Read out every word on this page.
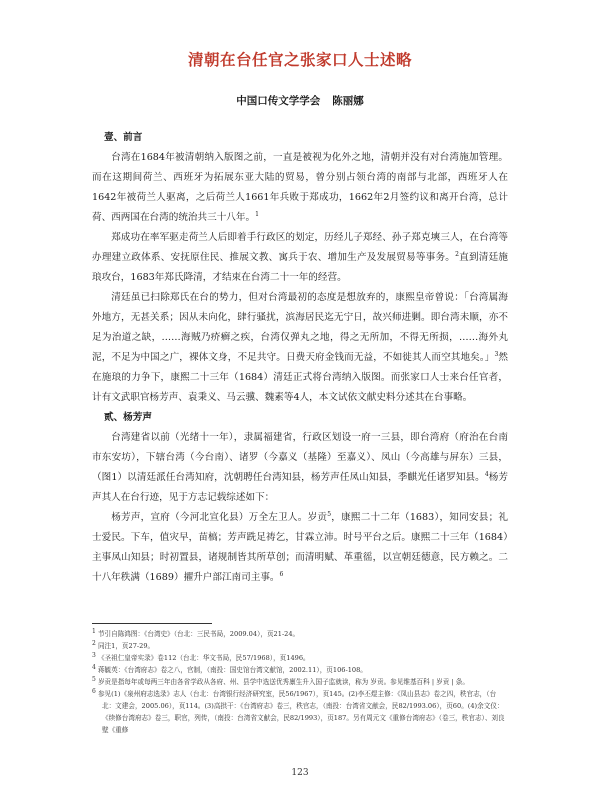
清朝在台任官之张家口人士述略
中国口传文学学会 陈丽娜

壹、前言

台湾在1684年被清朝纳入版图之前，一直是被视为化外之地，清朝并没有对台湾施加管理。而在这期间荷兰、西班牙为拓展东亚大陆的贸易，曾分别占领台湾的南部与北部，西班牙人在1642年被荷兰人驱离，之后荷兰人1661年兵败于郑成功，1662年2月签约议和离开台湾，总计荷、西两国在台湾的统治共三十八年。$^1$

郑成功在率军驱走荷兰人后即着手行政区的划定，历经儿子郑经、孙子郑克塽三人，在台湾等办理建立政体系、安抚原住民、推展文教、寓兵于农、增加生产及发展贸易等事务。$^2$直到清廷施琅攻台，1683年郑氏降清，才结束在台湾二十一年的经营。

清廷虽已扫除郑氏在台的势力，但对台湾最初的态度是想放弃的，康熙皇帝曾说：「台湾属海外地方，无甚关系；因从未向化，肆行骚扰，滨海居民迄无宁日，故兴师进剿。即台湾未顺，亦不足为治道之缺，……海贼乃疥癣之疾，台湾仅弹丸之地，得之无所加，不得无所损，……海外丸泥，不足为中国之广，裸体文身，不足共守。日费天府金钱而无益，不如徙其人而空其地矣。」$^3$然在施琅的力争下，康熙二十三年（1684）清廷正式将台湾纳入版图。而张家口人士来台任官者，计有文武职官杨芳声、袁秉义、马云骥、魏素等4人，本文试依文献史料分述其在台事略。

贰、杨芳声

台湾建省以前（光绪十一年），隶属福建省，行政区划设一府一三县，即台湾府（府治在台南市东安坊），下辖台湾（今台南）、诸罗（今嘉义（基隆）至嘉义）、凤山（今高雄与屏东）三县，（图1）以清廷派任台湾知府，沈朝聘任台湾知县，杨芳声任凤山知县，季麒光任诸罗知县。$^4$杨芳声其人在台行迹，见于方志记载综述如下：

杨芳声，宣府（今河北宣化县）万全左卫人。岁贡$^5$，康熙二十二年（1683），知同安县；礼士爱民。下车，值灾早，苗槁；芳声跣足祷乞，甘霖立沛。时号平台之后。康熙二十三年（1684）主事凤山知县；时初置县，诸规制皆其所草创；而清明赋、革重徭，以宣朝廷德意，民方赖之。二十八年秩满（1689）擢升户部江南司主事。$^6$

$^1$ 节引自陈鸿图：《台湾史》（台北：三民书局，2009.04），页21-24。

$^2$ 同注1，页27-29。

$^3$ 《圣祖仁皇帝实录》卷112（台北：华文书局，民57/1968），页1496。

$^4$ 蒋毓英：《台湾府志》卷之八，官制，（南投：国史馆台湾文献馆，2002.11），页106-108。

$^5$ 岁贡是指每年或每两三年由各省学政从各府、州、县学中选送优秀廪生升入国子监就读，称为 岁贡。参见维基百科 | 岁贡 | 条。

$^6$ 参见(1)《泉州府志选录》志人（台北：台湾银行经济研究室，民56/1967），页145。(2)李丕煜主修：《凤山县志》卷之四，秩官志，（台北：文建会，2005.06），页114。(3)高拱干：《台湾府志》卷三，秩官志，（南投：台湾省文献会，民82/1993.06），页60。(4)余文仪：《续修台湾府志》卷三，职官，列传，（南投：台湾省文献会，民82/1993），页187。另有周元文《重修台湾府志》（卷三，秩官志）、刘良壁《重修

123
